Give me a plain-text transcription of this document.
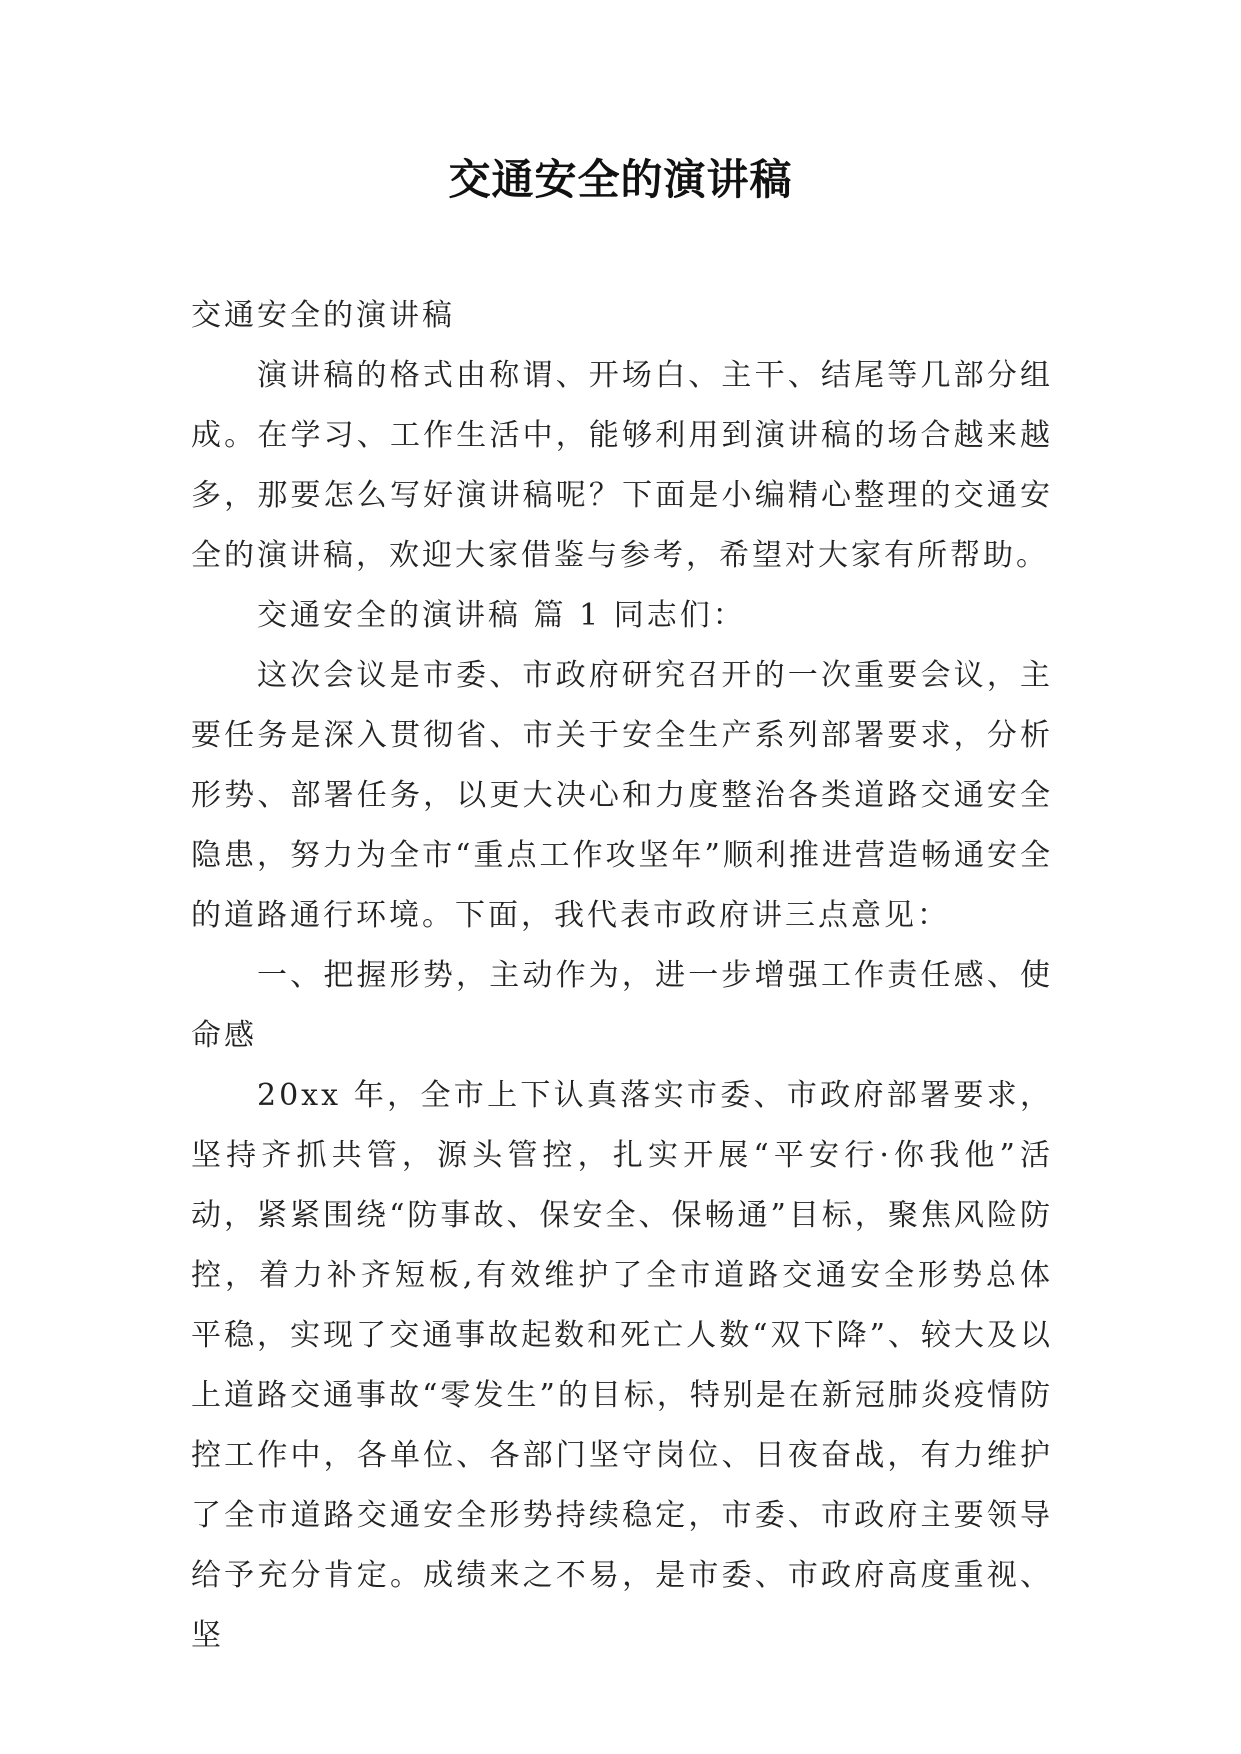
交通安全的演讲稿

交通安全的演讲稿

演讲稿的格式由称谓、开场白、主干、结尾等几部分组成。在学习、工作生活中，能够利用到演讲稿的场合越来越多，那要怎么写好演讲稿呢？下面是小编精心整理的交通安全的演讲稿，欢迎大家借鉴与参考，希望对大家有所帮助。

交通安全的演讲稿 篇 1 同志们：

这次会议是市委、市政府研究召开的一次重要会议，主要任务是深入贯彻省、市关于安全生产系列部署要求，分析形势、部署任务，以更大决心和力度整治各类道路交通安全隐患，努力为全市“重点工作攻坚年”顺利推进营造畅通安全的道路通行环境。下面，我代表市政府讲三点意见：

一、把握形势，主动作为，进一步增强工作责任感、使命感

20xx 年，全市上下认真落实市委、市政府部署要求，坚持齐抓共管，源头管控，扎实开展“平安行·你我他”活动，紧紧围绕“防事故、保安全、保畅通”目标，聚焦风险防控，着力补齐短板,有效维护了全市道路交通安全形势总体平稳，实现了交通事故起数和死亡人数“双下降”、较大及以上道路交通事故“零发生”的目标，特别是在新冠肺炎疫情防控工作中，各单位、各部门坚守岗位、日夜奋战，有力维护了全市道路交通安全形势持续稳定，市委、市政府主要领导给予充分肯定。成绩来之不易，是市委、市政府高度重视、坚
